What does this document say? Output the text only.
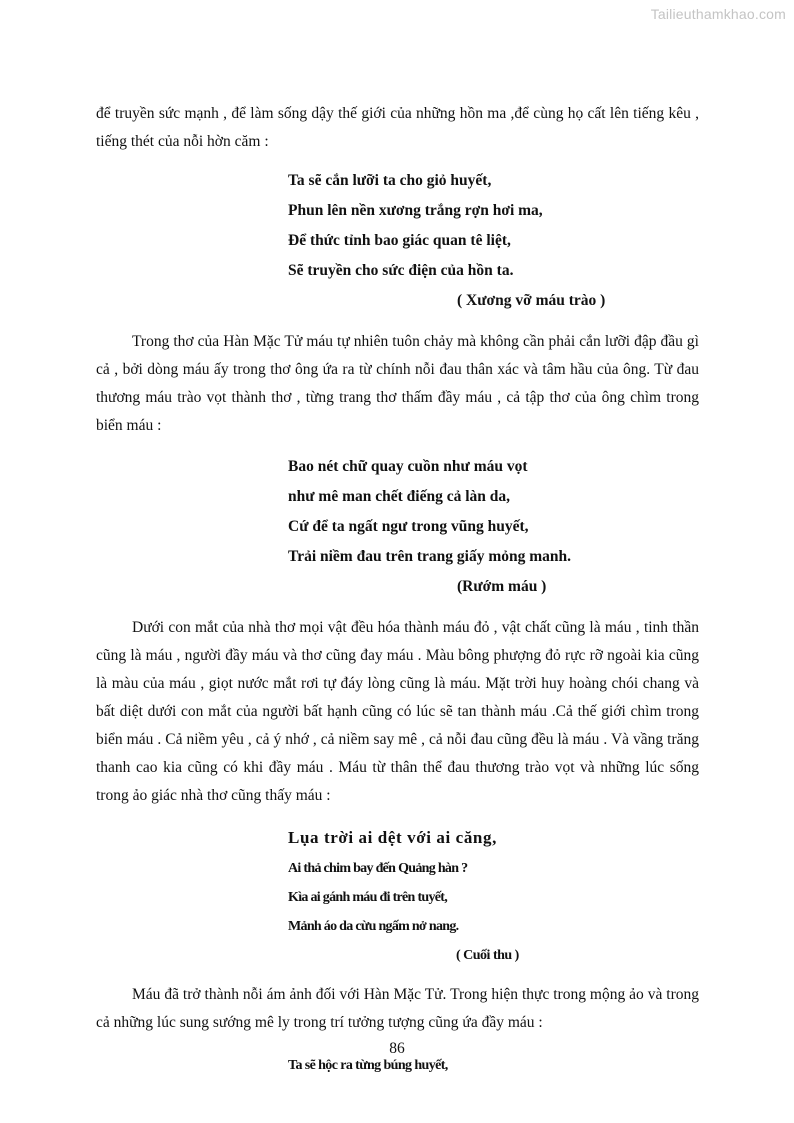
Tailieuthamkhao.com

để truyền sức mạnh , để làm sống dậy thế giới của những hồn ma ,để cùng họ cất lên tiếng kêu , tiếng thét của nỗi hờn căm :

Ta sẽ cắn lưỡi ta cho giỏ huyết,
Phun lên nền xương trắng rợn hơi ma,
Để thức tỉnh bao giác quan tê liệt,
Sẽ truyền cho sức điện của hồn ta.
( Xương vỡ máu trào )

Trong thơ của Hàn Mặc Tử máu tự nhiên tuôn chảy mà không cần phải cắn lưỡi đập đầu gì cả , bởi dòng máu ấy trong thơ ông ứa ra từ chính nỗi đau thân xác và tâm hầu của ông. Từ đau thương máu trào vọt thành thơ , từng trang thơ thấm đầy máu , cả tập thơ của ông chìm trong biển máu :

Bao nét chữ quay cuồn như máu vọt
như mê man chết điếng cả làn da,
Cứ để ta ngất ngư trong vũng huyết,
Trải niềm đau trên trang giấy mỏng manh.
(Rướm máu )

Dưới con mắt của nhà thơ mọi vật đều hóa thành máu đỏ , vật chất cũng là máu , tinh thần cũng là máu , người đầy máu và thơ cũng đay máu . Màu bông phượng đỏ rực rỡ ngoài kia cũng là màu của máu , giọt nước mắt rơi tự đáy lòng cũng là máu. Mặt trời huy hoàng chói chang và bất diệt dưới con mắt của người bất hạnh cũng có lúc sẽ tan thành máu .Cả thế giới chìm trong biển máu . Cả niềm yêu , cả ý nhớ , cả niềm say mê , cả nỗi đau cũng đều là máu . Và vầng trăng thanh cao kia cũng có khi đầy máu . Máu từ thân thể đau thương trào vọt và những lúc sống trong ảo giác nhà thơ cũng thấy máu :

Lụa trời ai dệt với ai căng,
Ai thả chim bay đến Quảng hàn ?
Kìa ai gánh máu đi trên tuyết,
Mảnh áo da cừu ngấm nở nang.
( Cuối thu )

Máu đã trở thành nỗi ám ảnh đối với Hàn Mặc Tử. Trong hiện thực trong mộng ảo và trong cả những lúc sung sướng mê ly trong trí tưởng tượng cũng ứa đầy máu :

Ta sẽ hộc ra từng búng huyết,
86
